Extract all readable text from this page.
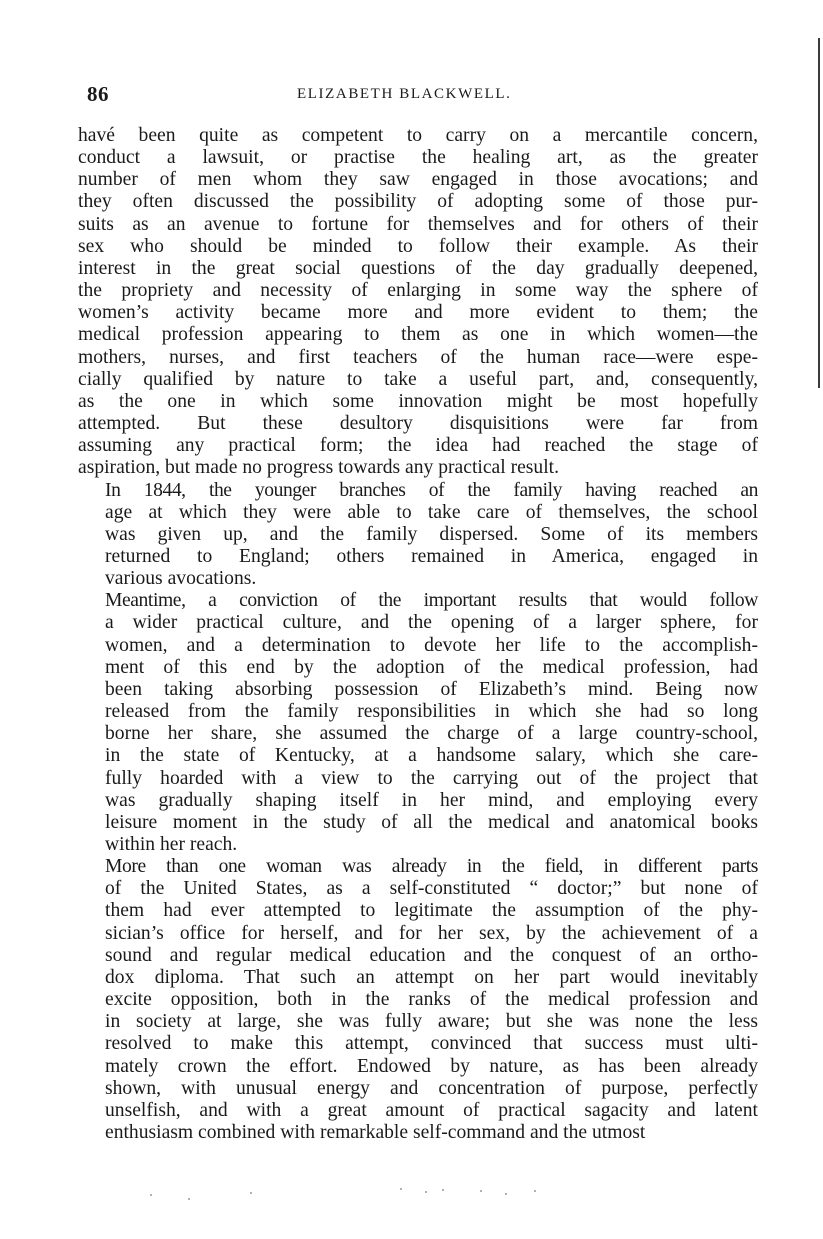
86	ELIZABETH BLACKWELL.

havé been quite as competent to carry on a mercantile concern,
conduct a lawsuit, or practise the healing art, as the greater
number of men whom they saw engaged in those avocations; and
they often discussed the possibility of adopting some of those pur-
suits as an avenue to fortune for themselves and for others of their
sex who should be minded to follow their example. As their
interest in the great social questions of the day gradually deepened,
the propriety and necessity of enlarging in some way the sphere of
women’s activity became more and more evident to them; the
medical profession appearing to them as one in which women—the
mothers, nurses, and first teachers of the human race—were espe-
cially qualified by nature to take a useful part, and, consequently,
as the one in which some innovation might be most hopefully
attempted. But these desultory disquisitions were far from
assuming any practical form; the idea had reached the stage of
aspiration, but made no progress towards any practical result.

In 1844, the younger branches of the family having reached an
age at which they were able to take care of themselves, the school
was given up, and the family dispersed. Some of its members
returned to England; others remained in America, engaged in
various avocations.

Meantime, a conviction of the important results that would follow
a wider practical culture, and the opening of a larger sphere, for
women, and a determination to devote her life to the accomplish-
ment of this end by the adoption of the medical profession, had
been taking absorbing possession of Elizabeth’s mind. Being now
released from the family responsibilities in which she had so long
borne her share, she assumed the charge of a large country-school,
in the state of Kentucky, at a handsome salary, which she care-
fully hoarded with a view to the carrying out of the project that
was gradually shaping itself in her mind, and employing every
leisure moment in the study of all the medical and anatomical books
within her reach.

More than one woman was already in the field, in different parts
of the United States, as a self-constituted “ doctor;” but none of
them had ever attempted to legitimate the assumption of the phy-
sician’s office for herself, and for her sex, by the achievement of a
sound and regular medical education and the conquest of an ortho-
dox diploma. That such an attempt on her part would inevitably
excite opposition, both in the ranks of the medical profession and
in society at large, she was fully aware; but she was none the less
resolved to make this attempt, convinced that success must ulti-
mately crown the effort. Endowed by nature, as has been already
shown, with unusual energy and concentration of purpose, perfectly
unselfish, and with a great amount of practical sagacity and latent
enthusiasm combined with remarkable self-command and the utmost
